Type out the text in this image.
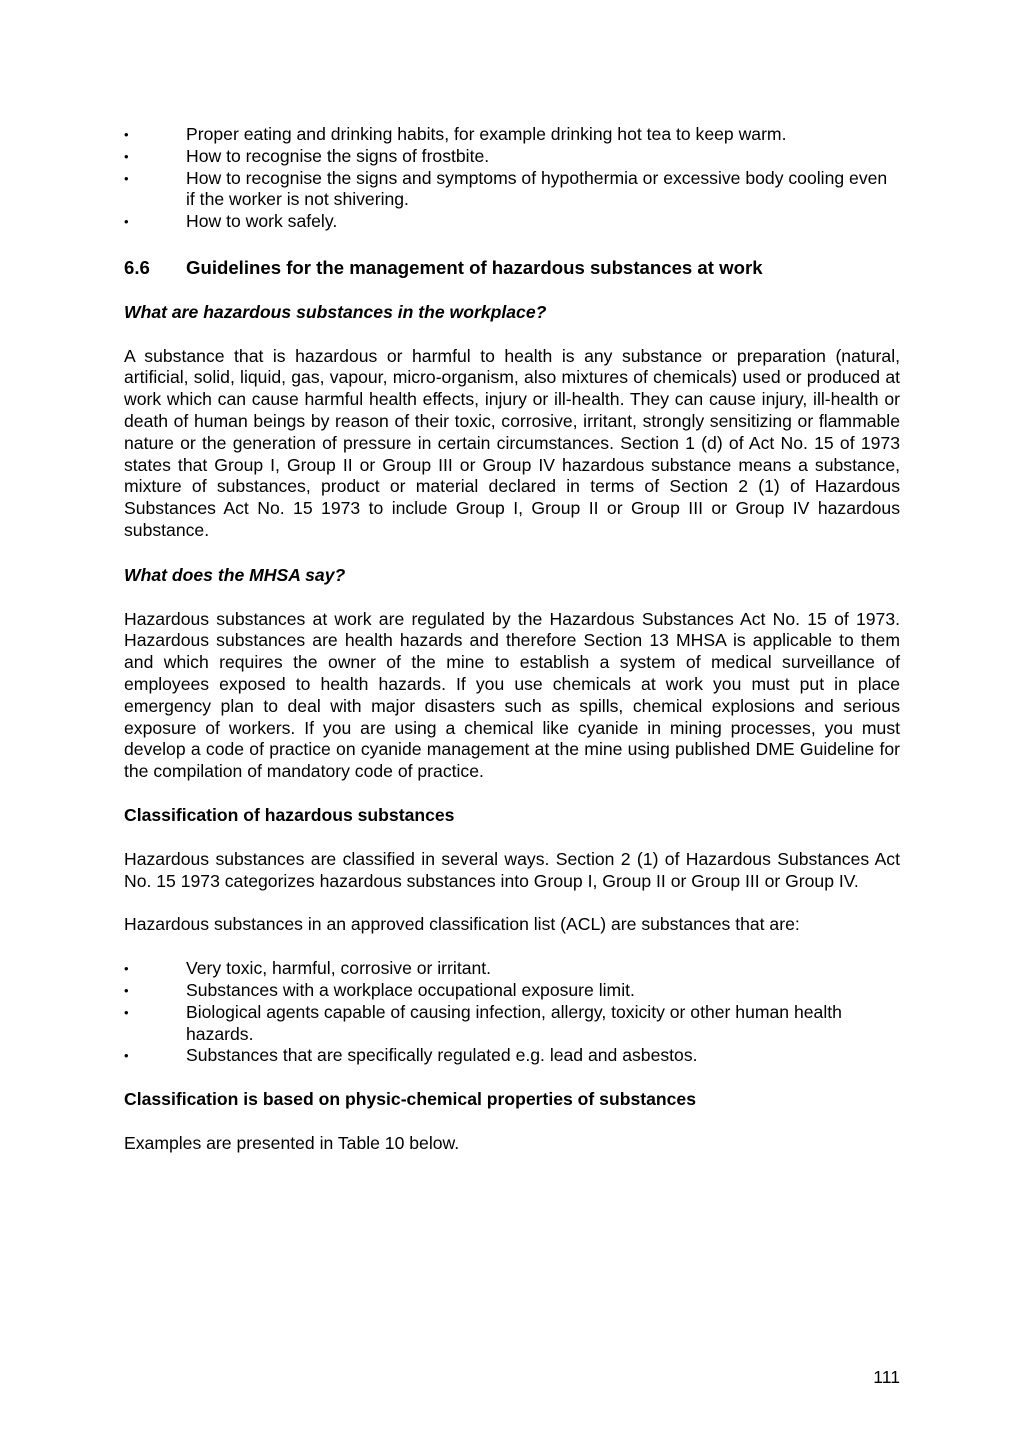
•
Proper eating and drinking habits, for example drinking hot tea to keep warm.
•
How to recognise the signs of frostbite.
•
How to recognise the signs and symptoms of hypothermia or excessive body cooling even if the worker is not shivering.
•
How to work safely.
6.6	Guidelines for the management of hazardous substances at work

What are hazardous substances in the workplace?

A substance that is hazardous or harmful to health is any substance or preparation (natural, artificial, solid, liquid, gas, vapour, micro-organism, also mixtures of chemicals) used or produced at work which can cause harmful health effects, injury or ill-health. They can cause injury, ill-health or death of human beings by reason of their toxic, corrosive, irritant, strongly sensitizing or flammable nature or the generation of pressure in certain circumstances. Section 1 (d) of Act No. 15 of 1973 states that Group I, Group II or Group III or Group IV hazardous substance means a substance, mixture of substances, product or material declared in terms of Section 2 (1) of Hazardous Substances Act No. 15 1973 to include Group I, Group II or Group III or Group IV hazardous substance.

What does the MHSA say?

Hazardous substances at work are regulated by the Hazardous Substances Act No. 15 of 1973. Hazardous substances are health hazards and therefore Section 13 MHSA is applicable to them and which requires the owner of the mine to establish a system of medical surveillance of employees exposed to health hazards. If you use chemicals at work you must put in place emergency plan to deal with major disasters such as spills, chemical explosions and serious exposure of workers. If you are using a chemical like cyanide in mining processes, you must develop a code of practice on cyanide management at the mine using published DME Guideline for the compilation of mandatory code of practice.

Classification of hazardous substances

Hazardous substances are classified in several ways. Section 2 (1) of Hazardous Substances Act No. 15 1973 categorizes hazardous substances into Group I, Group II or Group III or Group IV.

Hazardous substances in an approved classification list (ACL) are substances that are:

•
Very toxic, harmful, corrosive or irritant.
•
Substances with a workplace occupational exposure limit.
•
Biological agents capable of causing infection, allergy, toxicity or other human health hazards.
•
Substances that are specifically regulated e.g. lead and asbestos.

Classification is based on physic-chemical properties of substances

Examples are presented in Table 10 below.

111
